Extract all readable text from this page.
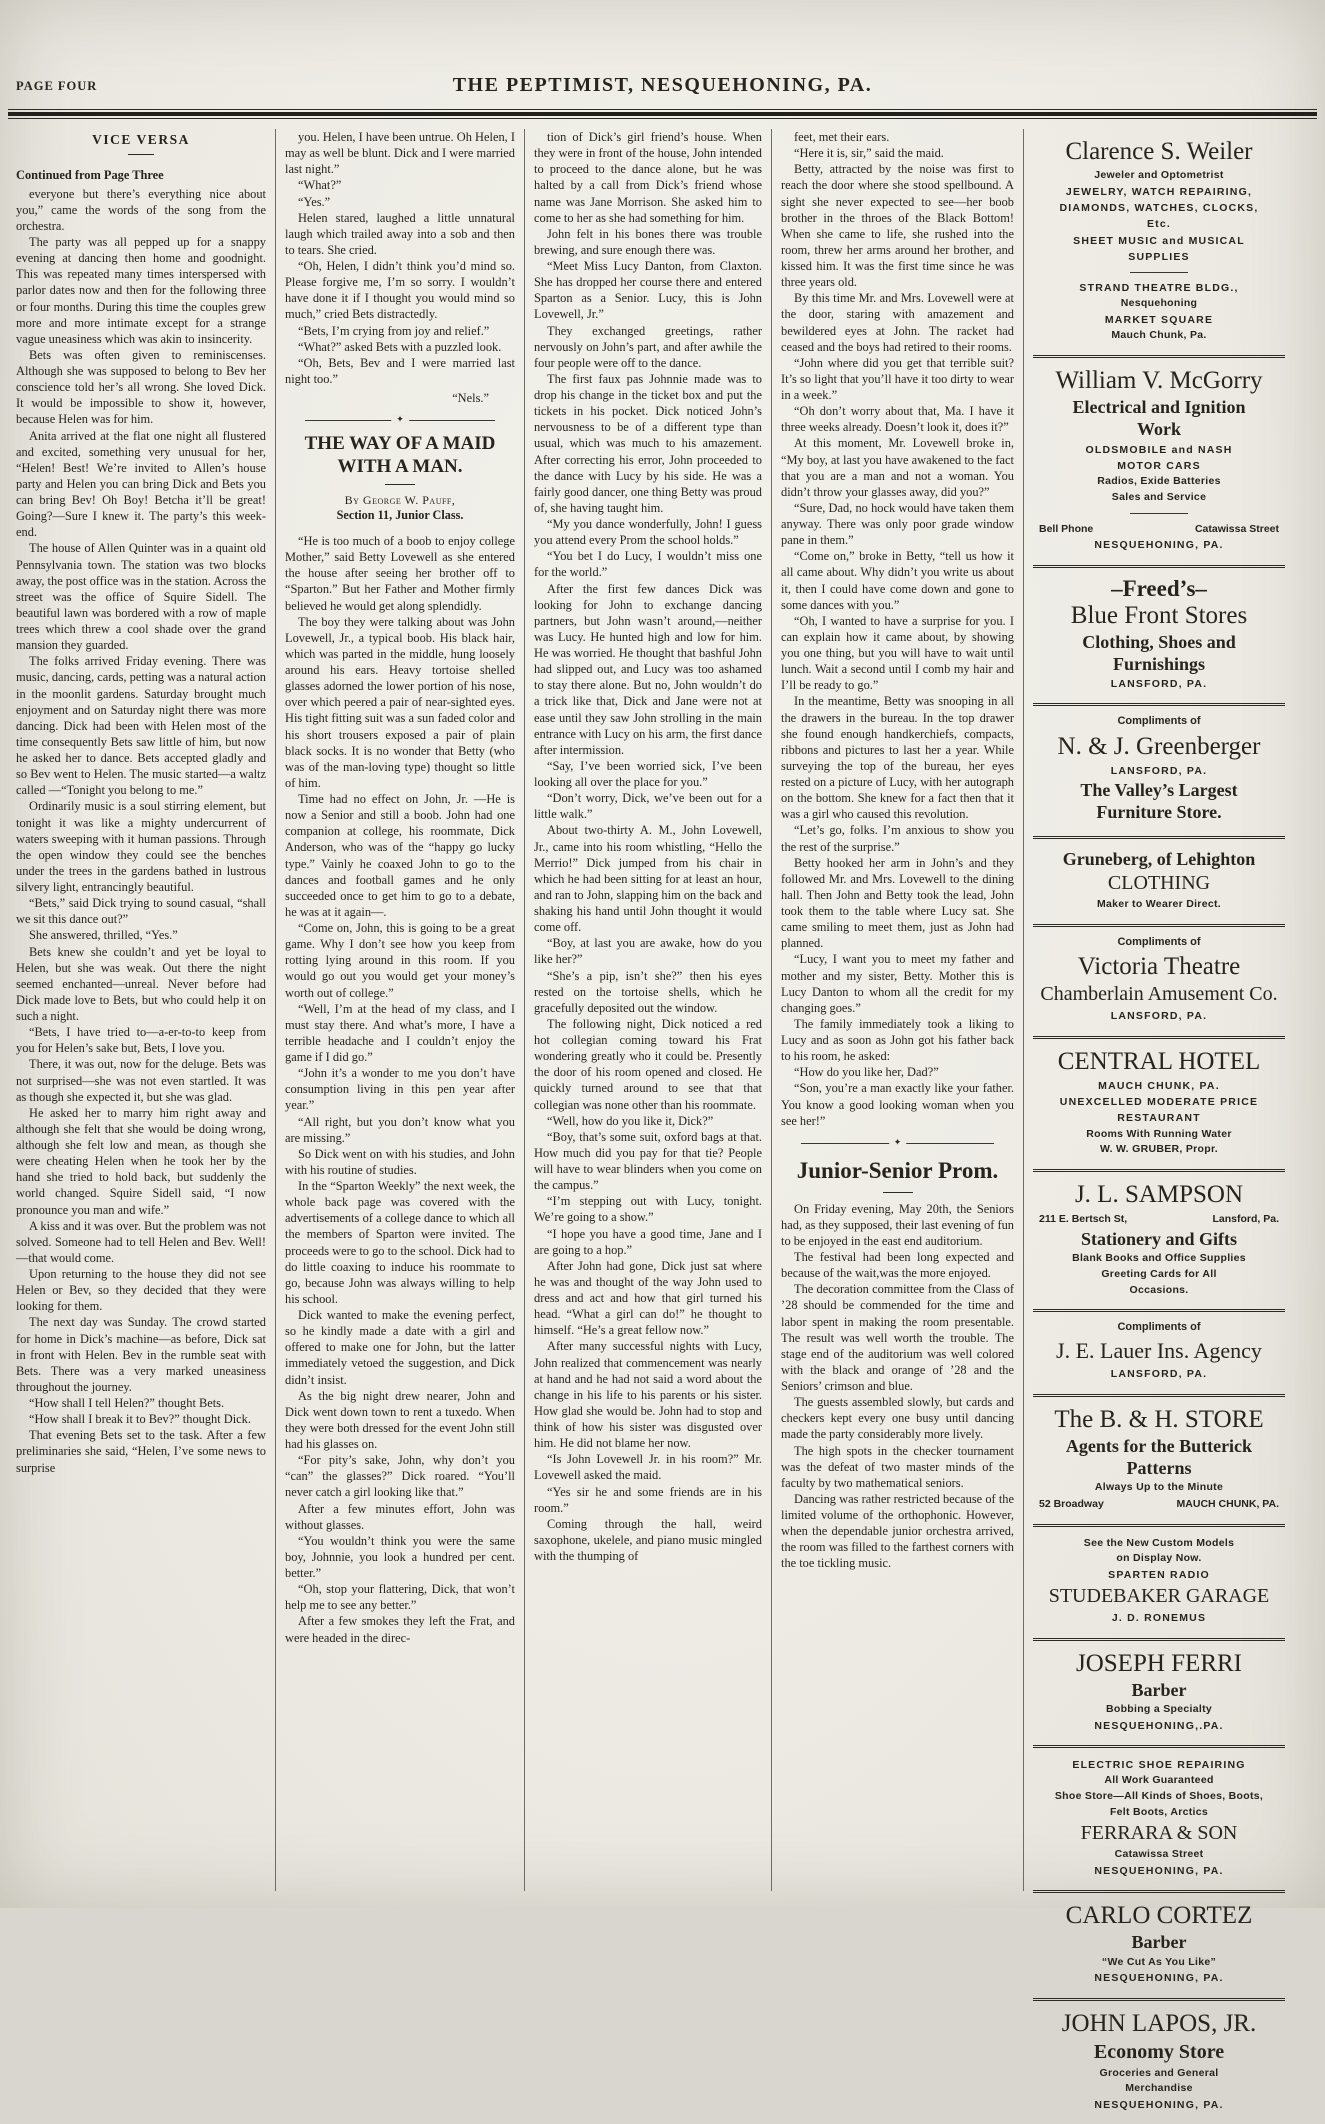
PAGE FOUR	THE PEPTIMIST, NESQUEHONING, PA.
VICE VERSA
Continued from Page Three
everyone but there’s everything nice about you,” came the words of the song from the orchestra.
The party was all pepped up for a snappy evening at dancing then home and goodnight. This was repeated many times interspersed with parlor dates now and then for the following three or four months. During this time the couples grew more and more intimate except for a strange vague uneasiness which was akin to insincerity.
Bets was often given to reminiscenses. Although she was supposed to belong to Bev her conscience told her’s all wrong. She loved Dick. It would be impossible to show it, however, because Helen was for him.
Anita arrived at the flat one night all flustered and excited, something very unusual for her, “Helen! Best! We’re invited to Allen’s house party and Helen you can bring Dick and Bets you can bring Bev! Oh Boy! Betcha it’ll be great! Going?—Sure I knew it. The party’s this week-end.
The house of Allen Quinter was in a quaint old Pennsylvania town. The station was two blocks away, the post office was in the station. Across the street was the office of Squire Sidell. The beautiful lawn was bordered with a row of maple trees which threw a cool shade over the grand mansion they guarded.
The folks arrived Friday evening. There was music, dancing, cards, petting was a natural action in the moonlit gardens. Saturday brought much enjoyment and on Saturday night there was more dancing. Dick had been with Helen most of the time consequently Bets saw little of him, but now he asked her to dance. Bets accepted gladly and so Bev went to Helen. The music started—a waltz called —“Tonight you belong to me.”
Ordinarily music is a soul stirring element, but tonight it was like a mighty undercurrent of waters sweeping with it human passions. Through the open window they could see the benches under the trees in the gardens bathed in lustrous silvery light, entrancingly beautiful.
“Bets,” said Dick trying to sound casual, “shall we sit this dance out?”
She answered, thrilled, “Yes.”
Bets knew she couldn’t and yet be loyal to Helen, but she was weak. Out there the night seemed enchanted—unreal. Never before had Dick made love to Bets, but who could help it on such a night.
“Bets, I have tried to—a-er-to-to keep from you for Helen’s sake but, Bets, I love you.
There, it was out, now for the deluge. Bets was not surprised—she was not even startled. It was as though she expected it, but she was glad.
He asked her to marry him right away and although she felt that she would be doing wrong, although she felt low and mean, as though she were cheating Helen when he took her by the hand she tried to hold back, but suddenly the world changed. Squire Sidell said, “I now pronounce you man and wife.”
A kiss and it was over. But the problem was not solved. Someone had to tell Helen and Bev. Well!—that would come.
Upon returning to the house they did not see Helen or Bev, so they decided that they were looking for them.
The next day was Sunday. The crowd started for home in Dick’s machine—as before, Dick sat in front with Helen. Bev in the rumble seat with Bets. There was a very marked uneasiness throughout the journey.
“How shall I tell Helen?” thought Bets.
“How shall I break it to Bev?” thought Dick.
That evening Bets set to the task. After a few preliminaries she said, “Helen, I’ve some news to surprise
you. Helen, I have been untrue. Oh Helen, I may as well be blunt. Dick and I were married last night.”
“What?”
“Yes.”
Helen stared, laughed a little unnatural laugh which trailed away into a sob and then to tears. She cried.
“Oh, Helen, I didn’t think you’d mind so. Please forgive me, I’m so sorry. I wouldn’t have done it if I thought you would mind so much,” cried Bets distractedly.
“Bets, I’m crying from joy and relief.”
“What?” asked Bets with a puzzled look.
“Oh, Bets, Bev and I were married last night too.”
“Nels.”
✦
THE WAY OF A MAID
WITH A MAN.
By George W. Pauff,
Section 11, Junior Class.
“He is too much of a boob to enjoy college Mother,” said Betty Lovewell as she entered the house after seeing her brother off to “Sparton.” But her Father and Mother firmly believed he would get along splendidly.
The boy they were talking about was John Lovewell, Jr., a typical boob. His black hair, which was parted in the middle, hung loosely around his ears. Heavy tortoise shelled glasses adorned the lower portion of his nose, over which peered a pair of near-sighted eyes. His tight fitting suit was a sun faded color and his short trousers exposed a pair of plain black socks. It is no wonder that Betty (who was of the man-loving type) thought so little of him.
Time had no effect on John, Jr. —He is now a Senior and still a boob. John had one companion at college, his roommate, Dick Anderson, who was of the “happy go lucky type.” Vainly he coaxed John to go to the dances and football games and he only succeeded once to get him to go to a debate, he was at it again—.
“Come on, John, this is going to be a great game. Why I don’t see how you keep from rotting lying around in this room. If you would go out you would get your money’s worth out of college.”
“Well, I’m at the head of my class, and I must stay there. And what’s more, I have a terrible headache and I couldn’t enjoy the game if I did go.”
“John it’s a wonder to me you don’t have consumption living in this pen year after year.”
“All right, but you don’t know what you are missing.”
So Dick went on with his studies, and John with his routine of studies.
In the “Sparton Weekly” the next week, the whole back page was covered with the advertisements of a college dance to which all the members of Sparton were invited. The proceeds were to go to the school. Dick had to do little coaxing to induce his roommate to go, because John was always willing to help his school.
Dick wanted to make the evening perfect, so he kindly made a date with a girl and offered to make one for John, but the latter immediately vetoed the suggestion, and Dick didn’t insist.
As the big night drew nearer, John and Dick went down town to rent a tuxedo. When they were both dressed for the event John still had his glasses on.
“For pity’s sake, John, why don’t you “can” the glasses?” Dick roared. “You’ll never catch a girl looking like that.”
After a few minutes effort, John was without glasses.
“You wouldn’t think you were the same boy, Johnnie, you look a hundred per cent. better.”
“Oh, stop your flattering, Dick, that won’t help me to see any better.”
After a few smokes they left the Frat, and were headed in the direc-
tion of Dick’s girl friend’s house. When they were in front of the house, John intended to proceed to the dance alone, but he was halted by a call from Dick’s friend whose name was Jane Morrison. She asked him to come to her as she had something for him.
John felt in his bones there was trouble brewing, and sure enough there was.
“Meet Miss Lucy Danton, from Claxton. She has dropped her course there and entered Sparton as a Senior. Lucy, this is John Lovewell, Jr.”
They exchanged greetings, rather nervously on John’s part, and after awhile the four people were off to the dance.
The first faux pas Johnnie made was to drop his change in the ticket box and put the tickets in his pocket. Dick noticed John’s nervousness to be of a different type than usual, which was much to his amazement. After correcting his error, John proceeded to the dance with Lucy by his side. He was a fairly good dancer, one thing Betty was proud of, she having taught him.
“My you dance wonderfully, John! I guess you attend every Prom the school holds.”
“You bet I do Lucy, I wouldn’t miss one for the world.”
After the first few dances Dick was looking for John to exchange dancing partners, but John wasn’t around,—neither was Lucy. He hunted high and low for him. He was worried. He thought that bashful John had slipped out, and Lucy was too ashamed to stay there alone. But no, John wouldn’t do a trick like that, Dick and Jane were not at ease until they saw John strolling in the main entrance with Lucy on his arm, the first dance after intermission.
“Say, I’ve been worried sick, I’ve been looking all over the place for you.”
“Don’t worry, Dick, we’ve been out for a little walk.”
About two-thirty A. M., John Lovewell, Jr., came into his room whistling, “Hello the Merrio!” Dick jumped from his chair in which he had been sitting for at least an hour, and ran to John, slapping him on the back and shaking his hand until John thought it would come off.
“Boy, at last you are awake, how do you like her?”
“She’s a pip, isn’t she?” then his eyes rested on the tortoise shells, which he gracefully deposited out the window.
The following night, Dick noticed a red hot collegian coming toward his Frat wondering greatly who it could be. Presently the door of his room opened and closed. He quickly turned around to see that that collegian was none other than his roommate.
“Well, how do you like it, Dick?”
“Boy, that’s some suit, oxford bags at that. How much did you pay for that tie? People will have to wear blinders when you come on the campus.”
“I’m stepping out with Lucy, tonight. We’re going to a show.”
“I hope you have a good time, Jane and I are going to a hop.”
After John had gone, Dick just sat where he was and thought of the way John used to dress and act and how that girl turned his head. “What a girl can do!” he thought to himself. “He’s a great fellow now.”
After many successful nights with Lucy, John realized that commencement was nearly at hand and he had not said a word about the change in his life to his parents or his sister. How glad she would be. John had to stop and think of how his sister was disgusted over him. He did not blame her now.
“Is John Lovewell Jr. in his room?” Mr. Lovewell asked the maid.
“Yes sir he and some friends are in his room.”
Coming through the hall, weird saxophone, ukelele, and piano music mingled with the thumping of
feet, met their ears.
“Here it is, sir,” said the maid.
Betty, attracted by the noise was first to reach the door where she stood spellbound. A sight she never expected to see—her boob brother in the throes of the Black Bottom! When she came to life, she rushed into the room, threw her arms around her brother, and kissed him. It was the first time since he was three years old.
By this time Mr. and Mrs. Lovewell were at the door, staring with amazement and bewildered eyes at John. The racket had ceased and the boys had retired to their rooms.
“John where did you get that terrible suit? It’s so light that you’ll have it too dirty to wear in a week.”
“Oh don’t worry about that, Ma. I have it three weeks already. Doesn’t look it, does it?”
At this moment, Mr. Lovewell broke in, “My boy, at last you have awakened to the fact that you are a man and not a woman. You didn’t throw your glasses away, did you?”
“Sure, Dad, no hock would have taken them anyway. There was only poor grade window pane in them.”
“Come on,” broke in Betty, “tell us how it all came about. Why didn’t you write us about it, then I could have come down and gone to some dances with you.”
“Oh, I wanted to have a surprise for you. I can explain how it came about, by showing you one thing, but you will have to wait until lunch. Wait a second until I comb my hair and I’ll be ready to go.”
In the meantime, Betty was snooping in all the drawers in the bureau. In the top drawer she found enough handkerchiefs, compacts, ribbons and pictures to last her a year. While surveying the top of the bureau, her eyes rested on a picture of Lucy, with her autograph on the bottom. She knew for a fact then that it was a girl who caused this revolution.
“Let’s go, folks. I’m anxious to show you the rest of the surprise.”
Betty hooked her arm in John’s and they followed Mr. and Mrs. Lovewell to the dining hall. Then John and Betty took the lead, John took them to the table where Lucy sat. She came smiling to meet them, just as John had planned.
“Lucy, I want you to meet my father and mother and my sister, Betty. Mother this is Lucy Danton to whom all the credit for my changing goes.”
The family immediately took a liking to Lucy and as soon as John got his father back to his room, he asked:
“How do you like her, Dad?”
“Son, you’re a man exactly like your father. You know a good looking woman when you see her!”
✦
Junior-Senior Prom.
On Friday evening, May 20th, the Seniors had, as they supposed, their last evening of fun to be enjoyed in the east end auditorium.
The festival had been long expected and because of the wait,was the more enjoyed.
The decoration committee from the Class of ’28 should be commended for the time and labor spent in making the room presentable. The result was well worth the trouble. The stage end of the auditorium was well colored with the black and orange of ’28 and the Seniors’ crimson and blue.
The guests assembled slowly, but cards and checkers kept every one busy until dancing made the party considerably more lively.
The high spots in the checker tournament was the defeat of two master minds of the faculty by two mathematical seniors.
Dancing was rather restricted because of the limited volume of the orthophonic. However, when the dependable junior orchestra arrived, the room was filled to the farthest corners with the toe tickling music.
Clarence S. Weiler
Jeweler and Optometrist
JEWELRY, WATCH REPAIRING,
DIAMONDS, WATCHES, CLOCKS,
Etc.
SHEET MUSIC and MUSICAL
SUPPLIES
STRAND THEATRE BLDG.,
Nesquehoning
MARKET SQUARE
Mauch Chunk, Pa.
William V. McGorry
Electrical and Ignition
Work
OLDSMOBILE and NASH
MOTOR CARS
Radios, Exide Batteries
Sales and Service
Bell Phone	Catawissa Street
NESQUEHONING, PA.
–Freed’s–
Blue Front Stores
Clothing, Shoes and
Furnishings
LANSFORD, PA.
Compliments of
N. & J. Greenberger
LANSFORD, PA.
The Valley’s Largest
Furniture Store.
Gruneberg, of Lehighton
CLOTHING
Maker to Wearer Direct.
Compliments of
Victoria Theatre
Chamberlain Amusement Co.
LANSFORD, PA.
CENTRAL HOTEL
MAUCH CHUNK, PA.
UNEXCELLED MODERATE PRICE
RESTAURANT
Rooms With Running Water
W. W. GRUBER, Propr.
J. L. SAMPSON
211 E. Bertsch St,	Lansford, Pa.
Stationery and Gifts
Blank Books and Office Supplies
Greeting Cards for All
Occasions.
Compliments of
J. E. Lauer Ins. Agency
LANSFORD, PA.
The B. & H. STORE
Agents for the Butterick
Patterns
Always Up to the Minute
52 Broadway	MAUCH CHUNK, PA.
See the New Custom Models
on Display Now.
SPARTEN RADIO
STUDEBAKER GARAGE
J. D. RONEMUS
JOSEPH FERRI
Barber
Bobbing a Specialty
NESQUEHONING,.PA.
ELECTRIC SHOE REPAIRING
All Work Guaranteed
Shoe Store—All Kinds of Shoes, Boots,
Felt Boots, Arctics
FERRARA & SON
Catawissa Street
NESQUEHONING, PA.
CARLO CORTEZ
Barber
“We Cut As You Like”
NESQUEHONING, PA.
JOHN LAPOS, JR.
Economy Store
Groceries and General
Merchandise
NESQUEHONING, PA.
